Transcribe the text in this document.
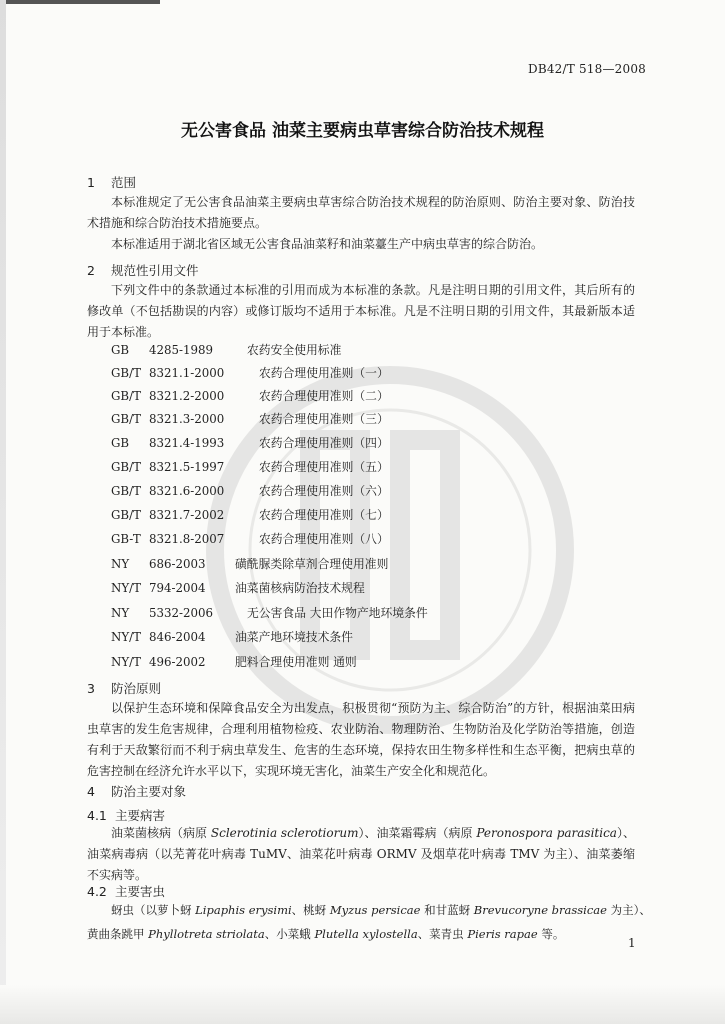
DB42/T 518—2008
无公害食品 油菜主要病虫草害综合防治技术规程
1 范围
本标准规定了无公害食品油菜主要病虫草害综合防治技术规程的防治原则、防治主要对象、防治技术措施和综合防治技术措施要点。
本标准适用于湖北省区域无公害食品油菜籽和油菜薹生产中病虫草害的综合防治。
2 规范性引用文件
下列文件中的条款通过本标准的引用而成为本标准的条款。凡是注明日期的引用文件，其后所有的修改单（不包括勘误的内容）或修订版均不适用于本标准。凡是不注明日期的引用文件，其最新版本适用于本标准。
GB 4285-1989	农药安全使用标准
GB/T 8321.1-2000	农药合理使用准则（一）
GB/T 8321.2-2000	农药合理使用准则（二）
GB/T 8321.3-2000	农药合理使用准则（三）
GB 8321.4-1993	农药合理使用准则（四）
GB/T 8321.5-1997	农药合理使用准则（五）
GB/T 8321.6-2000	农药合理使用准则（六）
GB/T 8321.7-2002	农药合理使用准则（七）
GB-T 8321.8-2007	农药合理使用准则（八）
NY 686-2003 磺酰脲类除草剂合理使用准则
NY/T 794-2004 油菜菌核病防治技术规程
NY 5332-2006	无公害食品 大田作物产地环境条件
NY/T 846-2004 油菜产地环境技术条件
NY/T 496-2002 肥料合理使用准则 通则
3 防治原则
以保护生态环境和保障食品安全为出发点，积极贯彻“预防为主、综合防治”的方针，根据油菜田病虫草害的发生危害规律，合理利用植物检疫、农业防治、物理防治、生物防治及化学防治等措施，创造有利于天敌繁衍而不利于病虫草发生、危害的生态环境，保持农田生物多样性和生态平衡，把病虫草的危害控制在经济允许水平以下，实现环境无害化，油菜生产安全化和规范化。
4 防治主要对象
4.1 主要病害
油菜菌核病（病原 Sclerotinia sclerotiorum）、油菜霜霉病（病原 Peronospora parasitica）、油菜病毒病（以芜菁花叶病毒 TuMV、油菜花叶病毒 ORMV 及烟草花叶病毒 TMV 为主）、油菜萎缩不实病等。
4.2 主要害虫
蚜虫（以萝卜蚜 Lipaphis erysimi、桃蚜 Myzus persicae 和甘蓝蚜 Brevucoryne brassicae 为主）、
黄曲条跳甲 Phyllotreta striolata、小菜蛾 Plutella xylostella、菜青虫 Pieris rapae 等。
1
